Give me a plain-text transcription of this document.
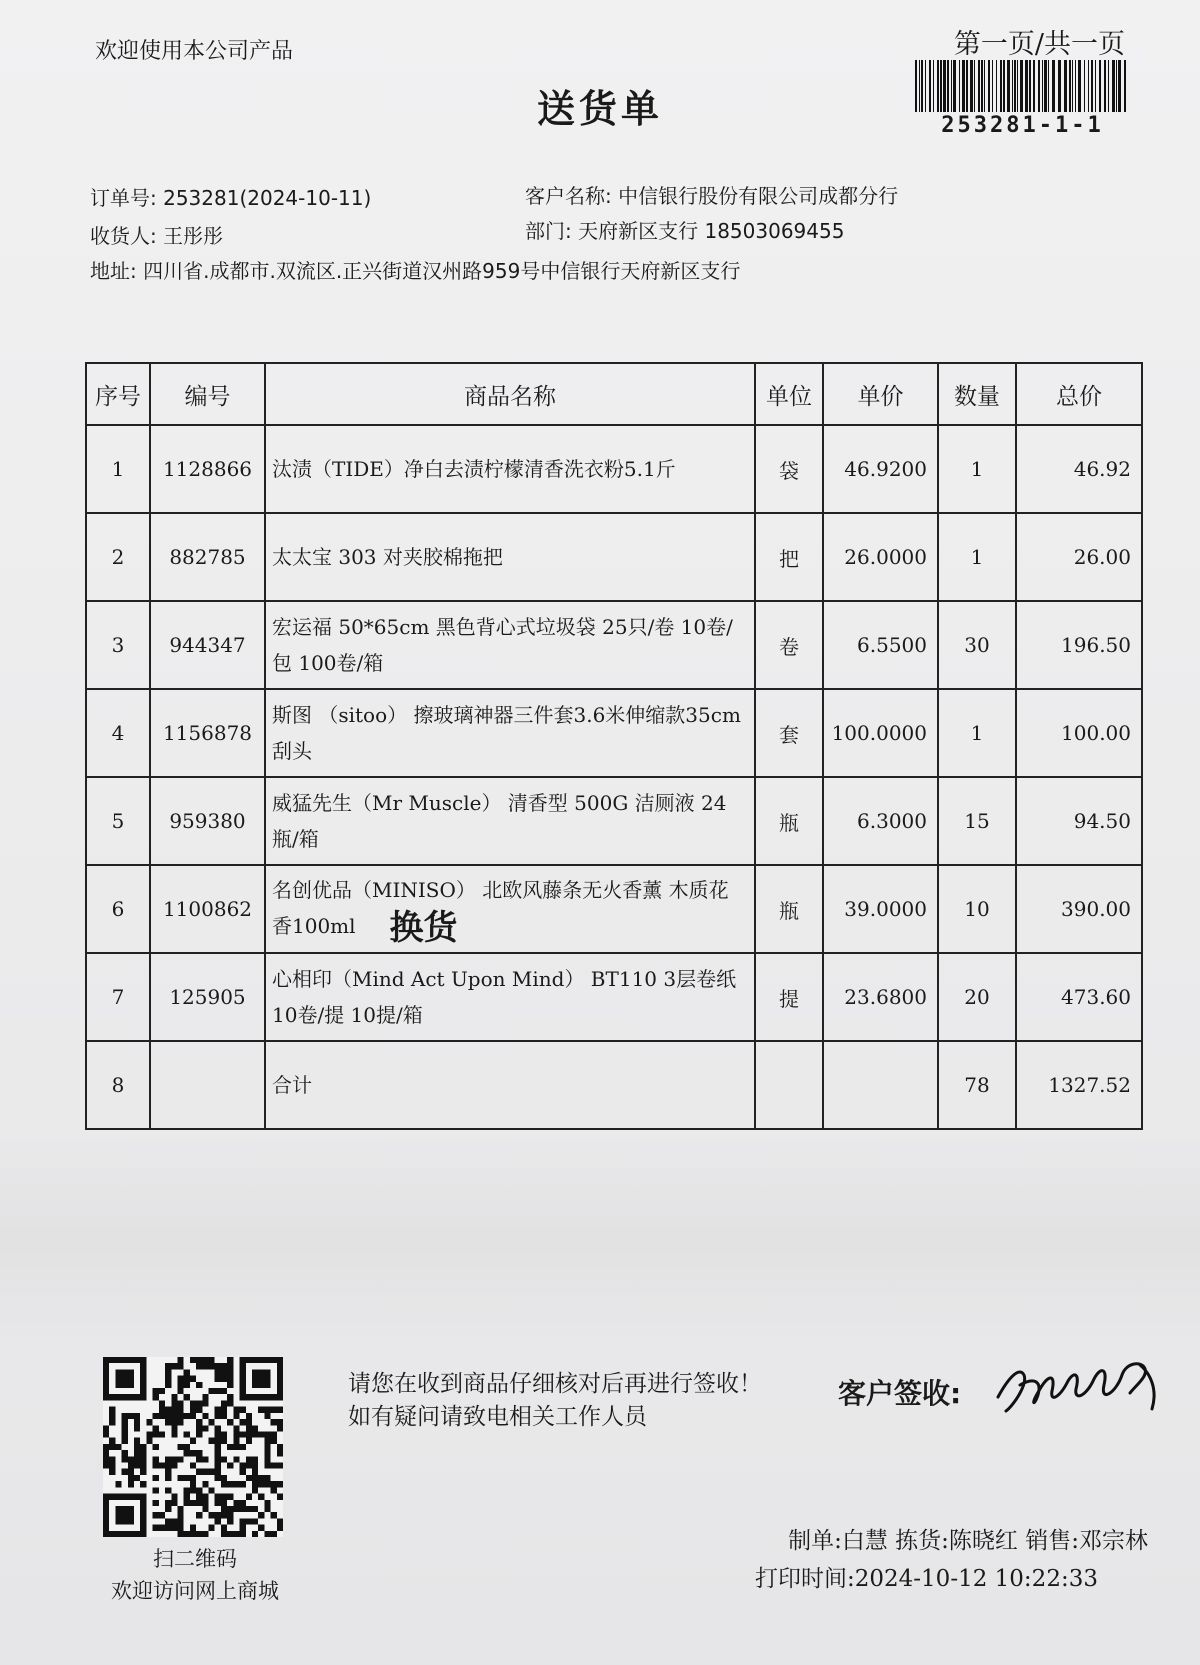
欢迎使用本公司产品	第一页/共一页
送货单	253281-1-1
订单号: 253281(2024-10-11)	客户名称: 中信银行股份有限公司成都分行
收货人: 王彤彤	部门: 天府新区支行 18503069455
地址: 四川省.成都市.双流区.正兴街道汉州路959号中信银行天府新区支行
序号	编号	商品名称	单位	单价	数量	总价
1	1128866	汰渍（TIDE）净白去渍柠檬清香洗衣粉5.1斤	袋	46.9200	1	46.92
2	882785	太太宝 303 对夹胶棉拖把	把	26.0000	1	26.00
3	944347	宏运福 50*65cm 黑色背心式垃圾袋 25只/卷 10卷/包 100卷/箱	卷	6.5500	30	196.50
4	1156878	斯图 （sitoo） 擦玻璃神器三件套3.6米伸缩款35cm刮头	套	100.0000	1	100.00
5	959380	威猛先生（Mr Muscle） 清香型 500G 洁厕液 24瓶/箱	瓶	6.3000	15	94.50
6	1100862	名创优品（MINISO） 北欧风藤条无火香薰 木质花香100ml 换货	瓶	39.0000	10	390.00
7	125905	心相印（Mind Act Upon Mind） BT110 3层卷纸 10卷/提 10提/箱	提	23.6800	20	473.60
8		合计			78	1327.52
扫二维码
欢迎访问网上商城
请您在收到商品仔细核对后再进行签收！如有疑问请致电相关工作人员
客户签收:
制单:白慧 拣货:陈晓红 销售:邓宗林
打印时间:2024-10-12 10:22:33
